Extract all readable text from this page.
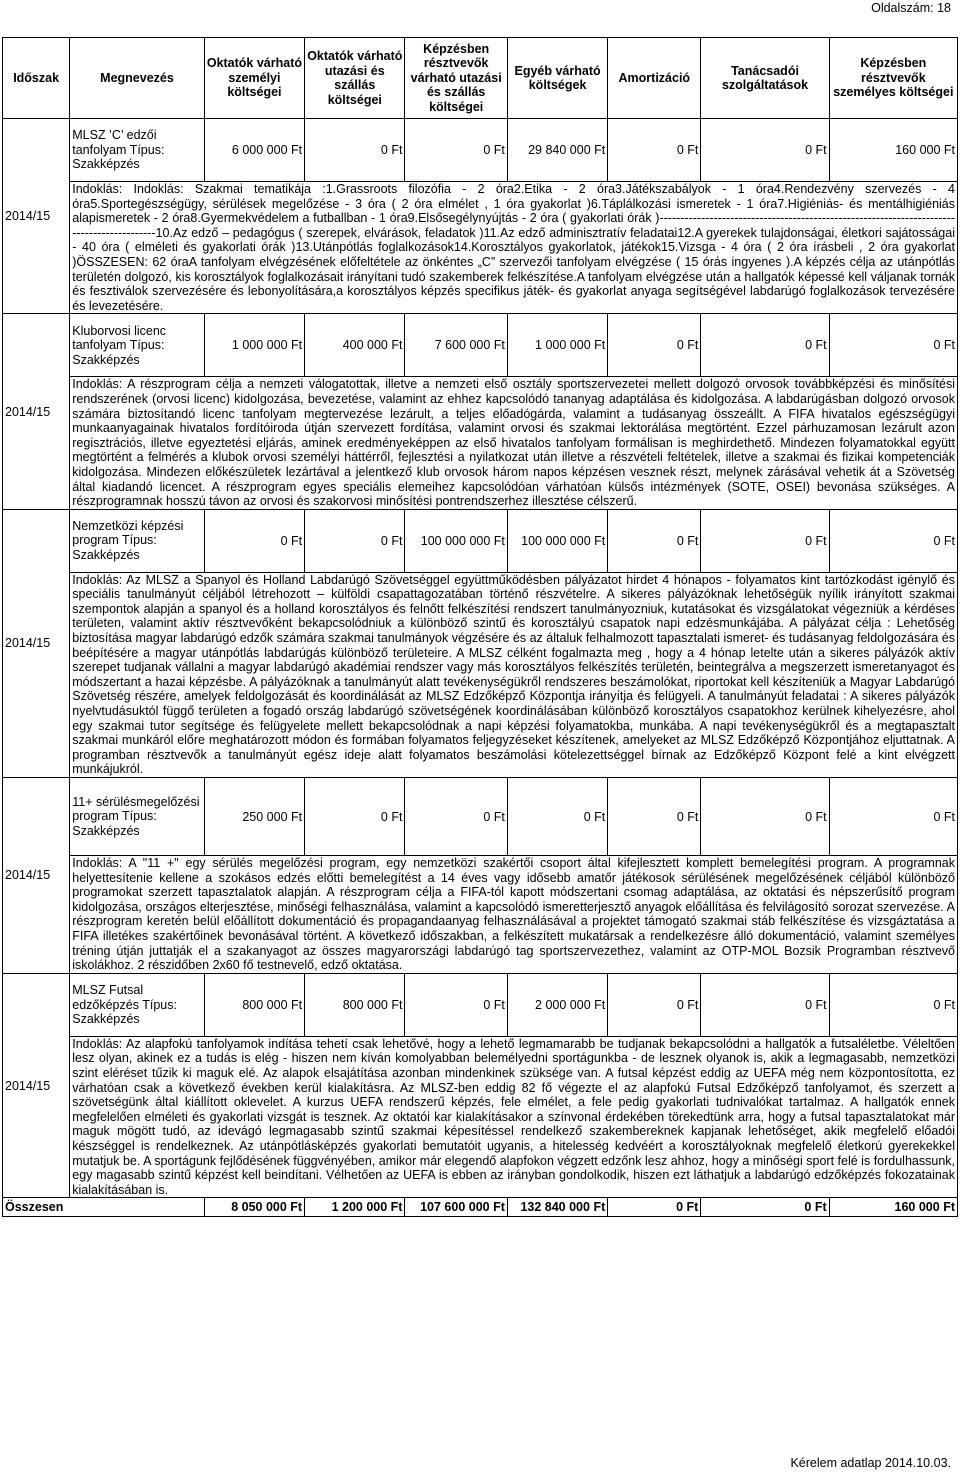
Oldalszám: 18
Időszak	Megnevezés	Oktatók várható személyi költségei	Oktatók várható utazási és szállás költségei	Képzésben résztvevők várható utazási és szállás költségei	Egyéb várható költségek	Amortizáció	Tanácsadói szolgáltatások	Képzésben résztvevők személyes költségei
2014/15	MLSZ ’C’ edzői tanfolyam Típus: Szakképzés	6 000 000 Ft	0 Ft	0 Ft	29 840 000 Ft	0 Ft	0 Ft	160 000 Ft
	Indoklás: Indoklás: Szakmai tematikája :1.Grassroots filozófia - 2 óra2.Etika - 2 óra3.Játékszabályok - 1 óra4.Rendezvény szervezés - 4 óra5.Sportegészségügy, sérülések megelőzése - 3 óra ( 2 óra elmélet , 1 óra gyakorlat )6.Táplálkozási ismeretek - 1 óra7.Higiéniás- és mentálhigiéniás alapismeretek - 2 óra8.Gyermekvédelem a futballban - 1 óra9.Elsősegélynyújtás - 2 óra ( gyakorlati órák )-------------------------------------------------------------------------------------------10.Az edző – pedagógus ( szerepek, elvárások, feladatok )11.Az edző adminisztratív feladatai12.A gyerekek tulajdonságai, életkori sajátosságai - 40 óra ( elméleti és gyakorlati órák )13.Utánpótlás foglalkozások14.Korosztályos gyakorlatok, játékok15.Vizsga - 4 óra ( 2 óra írásbeli , 2 óra gyakorlat )ÖSSZESEN: 62 óraA tanfolyam elvégzésének előfeltétele az önkéntes „C” szervezői tanfolyam elvégzése ( 15 órás ingyenes ).A képzés célja az utánpótlás területén dolgozó, kis korosztályok foglalkozásait irányítani tudó szakemberek felkészítése.A tanfolyam elvégzése után a hallgatók képessé kell váljanak tornák és fesztiválok szervezésére és lebonyolítására,a korosztályos képzés specifikus játék- és gyakorlat anyaga segítségével labdarúgó foglalkozások tervezésére és levezetésére.							
2014/15	Kluborvosi licenc tanfolyam Típus: Szakképzés	1 000 000 Ft	400 000 Ft	7 600 000 Ft	1 000 000 Ft	0 Ft	0 Ft	0 Ft
	Indoklás: A részprogram célja a nemzeti válogatottak, illetve a nemzeti első osztály sportszervezetei mellett dolgozó orvosok továbbképzési és minősítési rendszerének (orvosi licenc) kidolgozása, bevezetése, valamint az ehhez kapcsolódó tananyag adaptálása és kidolgozása. A labdarúgásban dolgozó orvosok számára biztosítandó licenc tanfolyam megtervezése lezárult, a teljes előadógárda, valamint a tudásanyag összeállt. A FIFA hivatalos egészségügyi munkaanyagainak hivatalos fordítóiroda útján szervezett fordítása, valamint orvosi és szakmai lektorálása megtörtént. Ezzel párhuzamosan lezárult azon regisztrációs, illetve egyeztetési eljárás, aminek eredményeképpen az első hivatalos tanfolyam formálisan is meghirdethető. Mindezen folyamatokkal együtt megtörtént a felmérés a klubok orvosi személyi háttérről, fejlesztési a nyilatkozat után illetve a részvételi feltételek, illetve a szakmai és fizikai kompetenciák kidolgozása. Mindezen előkészületek lezártával a jelentkező klub orvosok három napos képzésen vesznek részt, melynek zárásával vehetik át a Szövetség által kiadandó licencet. A részprogram egyes speciális elemeihez kapcsolódóan várhatóan külsős intézmények (SOTE, OSEI) bevonása szükséges. A részprogramnak hosszú távon az orvosi és szakorvosi minősítési pontrendszerhez illesztése célszerű.							
2014/15	Nemzetközi képzési program Típus: Szakképzés	0 Ft	0 Ft	100 000 000 Ft	100 000 000 Ft	0 Ft	0 Ft	0 Ft
	Indoklás: Az MLSZ a Spanyol és Holland Labdarúgó Szövetséggel együttműködésben pályázatot hirdet 4 hónapos - folyamatos kint tartózkodást igénylő és speciális tanulmányút céljából létrehozott – külföldi csapattagozatában történő részvételre. A sikeres pályázóknak lehetőségük nyílik irányított szakmai szempontok alapján a spanyol és a holland korosztályos és felnőtt felkészítési rendszert tanulmányozniuk, kutatásokat és vizsgálatokat végezniük a kérdéses területen, valamint aktív résztvevőként bekapcsolódniuk a különböző szintű és korosztályú csapatok napi edzésmunkájába. A pályázat célja : Lehetőség biztosítása magyar labdarúgó edzők számára szakmai tanulmányok végzésére és az általuk felhalmozott tapasztalati ismeret- és tudásanyag feldolgozására és beépítésére a magyar utánpótlás labdarúgás különböző területeire. A MLSZ célként fogalmazta meg , hogy a 4 hónap letelte után a sikeres pályázók aktív szerepet tudjanak vállalni a magyar labdarúgó akadémiai rendszer vagy más korosztályos felkészítés területén, beintegrálva a megszerzett ismeretanyagot és módszertant a hazai képzésbe. A pályázóknak a tanulmányút alatt tevékenységükről rendszeres beszámolókat, riportokat kell készíteniük a Magyar Labdarúgó Szövetség részére, amelyek feldolgozását és koordinálását az MLSZ Edzőképző Központja irányítja és felügyeli. A tanulmányút feladatai : A sikeres pályázók nyelvtudásuktól függő területen a fogadó ország labdarúgó szövetségének koordinálásában különböző korosztályos csapatokhoz kerülnek kihelyezésre, ahol egy szakmai tutor segítsége és felügyelete mellett bekapcsolódnak a napi képzési folyamatokba, munkába. A napi tevékenységükről és a megtapasztalt szakmai munkáról előre meghatározott módon és formában folyamatos feljegyzéseket készítenek, amelyeket az MLSZ Edzőképző Központjához eljuttatnak. A programban résztvevők a tanulmányút egész ideje alatt folyamatos beszámolási kötelezettséggel bírnak az Edzőképző Központ felé a kint elvégzett munkájukról.							
2014/15	11+ sérülésmegelőzési program Típus: Szakképzés	250 000 Ft	0 Ft	0 Ft	0 Ft	0 Ft	0 Ft	0 Ft
	Indoklás: A "11 +" egy sérülés megelőzési program, egy nemzetközi szakértői csoport által kifejlesztett komplett bemelegítési program. A programnak helyettesítenie kellene a szokásos edzés előtti bemelegítést a 14 éves vagy idősebb amatőr játékosok sérülésének megelőzésének céljából különböző programokat szerzett tapasztalatok alapján. A részprogram célja a FIFA-tól kapott módszertani csomag adaptálása, az oktatási és népszerűsítő program kidolgozása, országos elterjesztése, minőségi felhasználása, valamint a kapcsolódó ismeretterjesztő anyagok előállítása és felvilágosító sorozat szervezése. A részprogram keretén belül előállított dokumentáció és propagandaanyag felhasználásával a projektet támogató szakmai stáb felkészítése és vizsgáztatása a FIFA illetékes szakértőinek bevonásával történt. A következő időszakban, a felkészített mukatársak a rendelkezésre álló dokumentáció, valamint személyes tréning útján juttatják el a szakanyagot az összes magyarországi labdarúgó tag sportszervezethez, valamint az OTP-MOL Bozsik Programban résztvevő iskolákhoz. 2 részidőben 2x60 fő testnevelő, edző oktatása.							
2014/15	MLSZ Futsal edzőképzés Típus: Szakképzés	800 000 Ft	800 000 Ft	0 Ft	2 000 000 Ft	0 Ft	0 Ft	0 Ft
	Indoklás: Az alapfokú tanfolyamok indítása tehetí csak lehetővé, hogy a lehető legmamarabb be tudjanak bekapcsolódni a hallgatók a futsaléletbe. Véleltően lesz olyan, akinek ez a tudás is elég - hiszen nem kíván komolyabban belemélyedni sportágunkba - de lesznek olyanok is, akik a legmagasabb, nemzetközi szint eléréset tűzik ki maguk elé. Az alapok elsajátítása azonban mindenkinek szüksége van. A futsal képzést eddig az UEFA még nem központosította, ez várhatóan csak a következő években kerül kialakításra. Az MLSZ-ben eddig 82 fő végezte el az alapfokú Futsal Edzőképző tanfolyamot, és szerzett a szövetségünk által kiállított oklevelet. A kurzus UEFA rendszerű képzés, fele elmélet, a fele pedig gyakorlati tudnivalókat tartalmaz. A hallgatók ennek megfelelően elméleti és gyakorlati vizsgát is tesznek. Az oktatói kar kialakításakor a színvonal érdekében törekedtünk arra, hogy a futsal tapasztalatokat már maguk mögött tudó, az idevágó legmagasabb szintű szakmai képesítéssel rendelkező szakembereknek kapjanak lehetőséget, akik megfelelő előadói készséggel is rendelkeznek. Az utánpótlásképzés gyakorlati bemutatóit ugyanis, a hitelesség kedvéért a korosztályoknak megfelelő életkorú gyerekekkel mutatjuk be. A sportágunk fejlődésének függvényében, amikor már elegendő alapfokon végzett edzőnk lesz ahhoz, hogy a minőségi sport felé is fordulhassunk, egy magasabb szintű képzést kell beindítani. Vélhetően az UEFA is ebben az irányban gondolkodik, hiszen ezt láthatjuk a labdarúgó edzőképzés fokozatainak kialakításában is.							
Összesen		8 050 000 Ft	1 200 000 Ft	107 600 000 Ft	132 840 000 Ft	0 Ft	0 Ft	160 000 Ft
Kérelem adatlap 2014.10.03.
